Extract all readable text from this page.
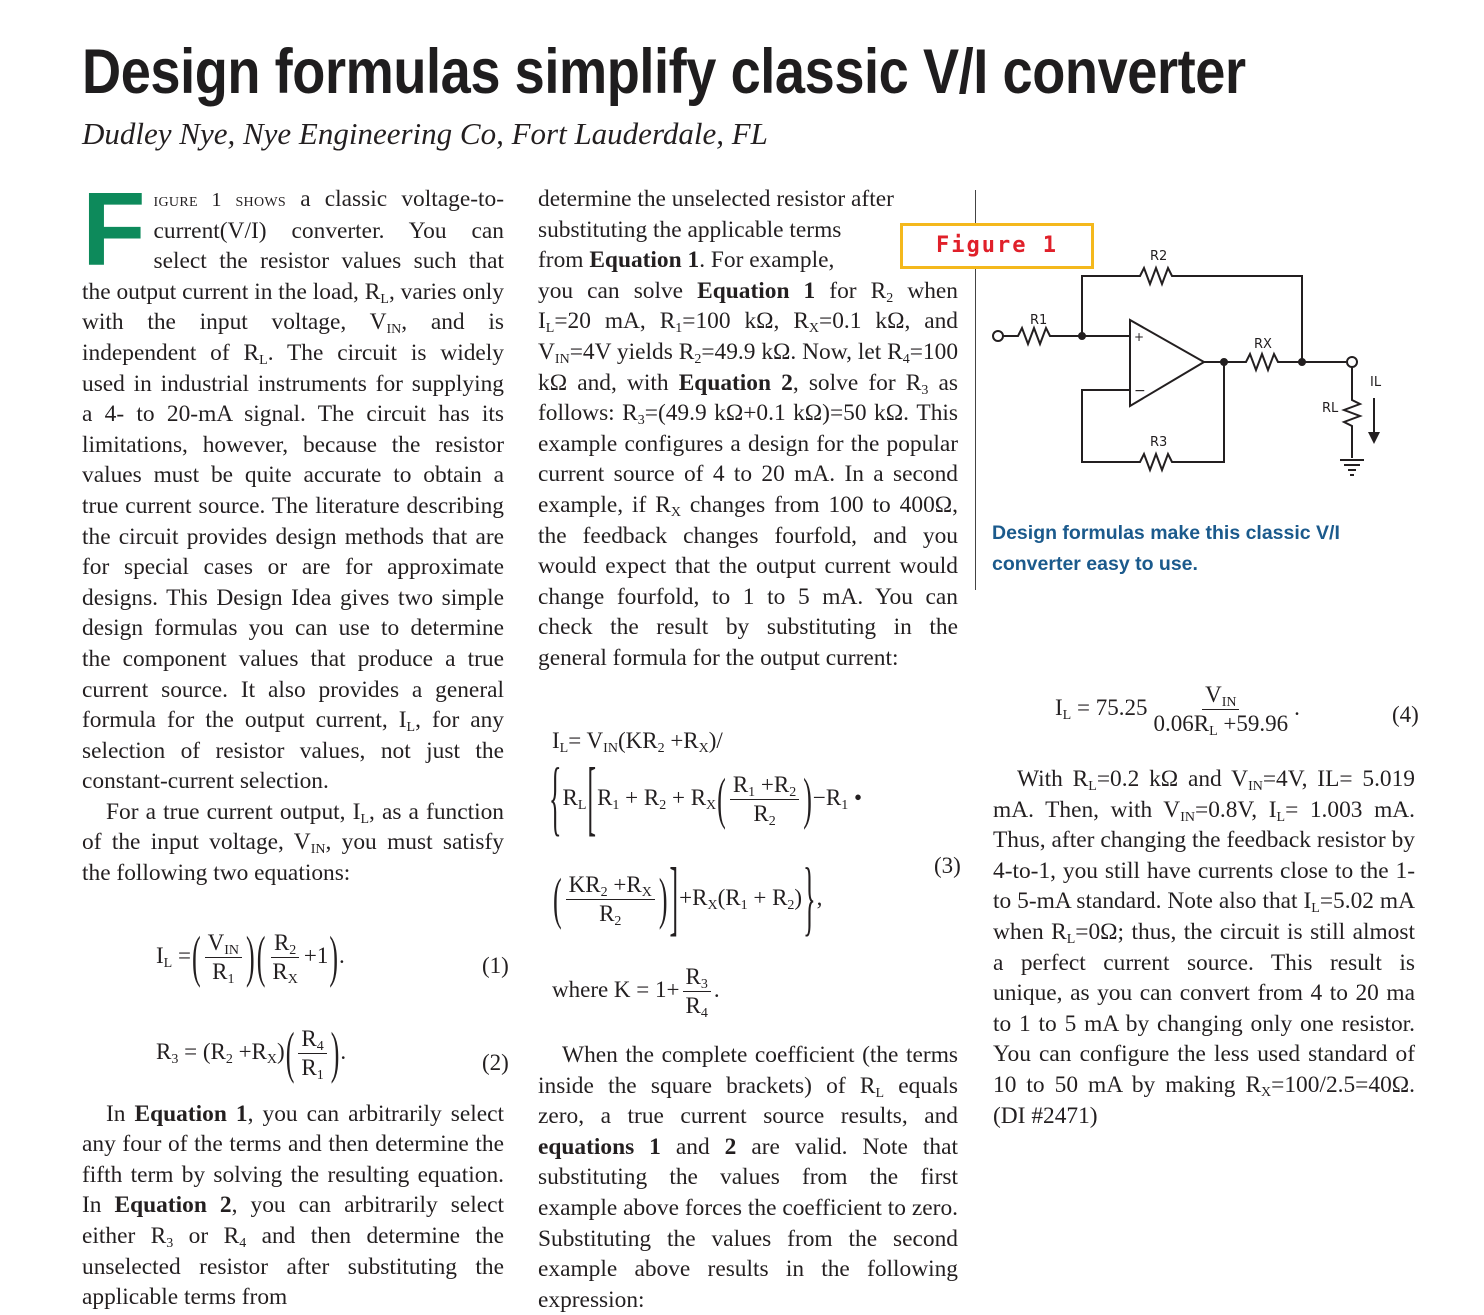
Design formulas simplify classic V/I converter
Dudley Nye, Nye Engineering Co, Fort Lauderdale, FL

Figure 1 shows a classic voltage-to-current(V/I) converter. You can select the resistor values such that the output current in the load, $R_L$, varies only with the input voltage, $V_{IN}$, and is independent of $R_L$. The circuit is widely used in industrial instruments for supplying a 4- to 20-mA signal. The circuit has its limitations, however, because the resistor values must be quite accurate to obtain a true current source. The literature describing the circuit provides design methods that are for special cases or are for approximate designs. This Design Idea gives two simple design formulas you can use to determine the component values that produce a true current source. It also provides a general formula for the output current, $I_L$, for any selection of resistor values, not just the constant-current selection.

For a true current output, $I_L$, as a function of the input voltage, $V_{IN}$, you must satisfy the following two equations:

In Equation 1, you can arbitrarily select any four of the terms and then determine the fifth term by solving the resulting equation. In Equation 2, you can arbitrarily select either $R_3$ or $R_4$ and then determine the unselected resistor after substituting the applicable terms from

$I_L$ =( $\frac{V_{IN}}{R_1}$ )( $\frac{R_2}{R_X} +1$).	(1)
$R_3 = (R_2 +R_X)( \frac{R_4}{R_1}$ ).	(2)

determine the unselected resistor after
substituting the applicable terms
from Equation 1. For example,
you can solve Equation 1 for $R_2$ when $I_L=20$ mA, $R_1=100$ kΩ, $R_X=0.1$ kΩ, and $V_{IN}=4V$ yields $R_2=49.9$ kΩ. Now, let $R_4=100$ kΩ and, with Equation 2, solve for $R_3$ as follows: $R_3=(49.9$ kΩ+0.1 kΩ)=50 kΩ. This example configures a design for the popular current source of 4 to 20 mA. In a second example, if $R_X$ changes from 100 to 400Ω, the feedback changes fourfold, and you would expect that the output current would change fourfold, to 1 to 5 mA. You can check the result by substituting in the general formula for the output current:

$I_L= V_{IN}(KR_2 +R_X)/$
{$R_L[R_1 + R_2 + R_X( \frac{R_1 +R_2}{R_2} )-R_1$ •
( $\frac{KR_2 +R_X}{R_2} )]+R_X(R_1 + R_2)$},
(3)
where $K = 1+ \frac{R_3}{R_4}$ .

When the complete coefficient (the terms inside the square brackets) of $R_L$ equals zero, a true current source results, and equations 1 and 2 are valid. Note that substituting the values from the first example above forces the coefficient to zero. Substituting the values from the second example above results in the following expression:

Figure 1
R1
R2
RX
R3
RL
IL
+
−
Design formulas make this classic V/I converter easy to use.
$I_L = 75.25 \frac{V_{IN}}{0.06R_L +59.96}$ .	(4)

With $R_L=0.2$ kΩ and $V_{IN}=4V$, IL= 5.019 mA. Then, with $V_{IN}=0.8V$, $I_L= 1.003$ mA. Thus, after changing the feedback resistor by 4-to-1, you still have currents close to the 1- to 5-mA standard. Note also that $I_L=5.02$ mA when $R_L=0\Omega$; thus, the circuit is still almost a perfect current source. This result is unique, as you can convert from 4 to 20 ma to 1 to 5 mA by changing only one resistor. You can configure the less used standard of 10 to 50 mA by making $R_X=100/2.5=40\Omega$. (DI #2471)
